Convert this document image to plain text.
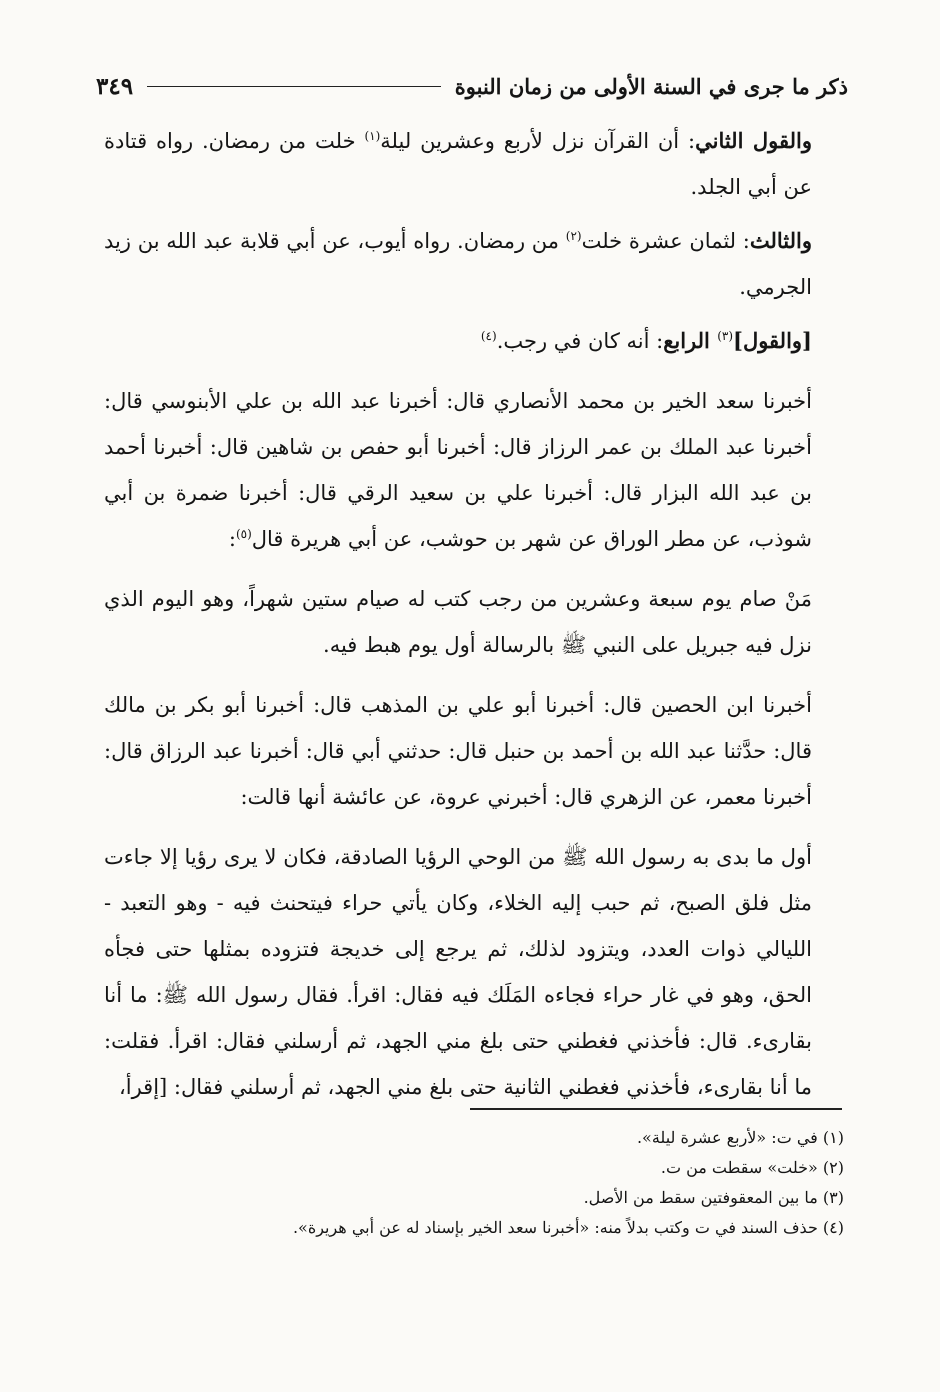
ذكر ما جرى في السنة الأولى من زمان النبوة
٣٤٩

والقول الثاني: أن القرآن نزل لأربع وعشرين ليلة$^{(١)}$ خلت من رمضان. رواه قتادة عن أبي الجلد.

والثالث: لثمان عشرة خلت$^{(٢)}$ من رمضان. رواه أيوب، عن أبي قلابة عبد الله بن زيد الجرمي.

[والقول]$^{(٣)}$ الرابع: أنه كان في رجب.$^{(٤)}$

أخبرنا سعد الخير بن محمد الأنصاري قال: أخبرنا عبد الله بن علي الأبنوسي قال: أخبرنا عبد الملك بن عمر الرزاز قال: أخبرنا أبو حفص بن شاهين قال: أخبرنا أحمد بن عبد الله البزار قال: أخبرنا علي بن سعيد الرقي قال: أخبرنا ضمرة بن أبي شوذب، عن مطر الوراق عن شهر بن حوشب، عن أبي هريرة قال$^{(٥)}$:

مَنْ صام يوم سبعة وعشرين من رجب كتب له صيام ستين شهراً، وهو اليوم الذي نزل فيه جبريل على النبي ﷺ بالرسالة أول يوم هبط فيه.

أخبرنا ابن الحصين قال: أخبرنا أبو علي بن المذهب قال: أخبرنا أبو بكر بن مالك قال: حدَّثنا عبد الله بن أحمد بن حنبل قال: حدثني أبي قال: أخبرنا عبد الرزاق قال: أخبرنا معمر، عن الزهري قال: أخبرني عروة، عن عائشة أنها قالت:

أول ما بدى به رسول الله ﷺ من الوحي الرؤيا الصادقة، فكان لا يرى رؤيا إلا جاءت مثل فلق الصبح، ثم حبب إليه الخلاء، وكان يأتي حراء فيتحنث فيه - وهو التعبد - الليالي ذوات العدد، ويتزود لذلك، ثم يرجع إلى خديجة فتزوده بمثلها حتى فجأه الحق، وهو في غار حراء فجاءه المَلَك فيه فقال: اقرأ. فقال رسول الله ﷺ: ما أنا بقارىء. قال: فأخذني فغطني حتى بلغ مني الجهد، ثم أرسلني فقال: اقرأ. فقلت: ما أنا بقارىء، فأخذني فغطني الثانية حتى بلغ مني الجهد، ثم أرسلني فقال: [إقرأ،

(١) في ت: «لأربع عشرة ليلة».
(٢) «خلت» سقطت من ت.
(٣) ما بين المعقوفتين سقط من الأصل.
(٤) حذف السند في ت وكتب بدلاً منه: «أخبرنا سعد الخير بإسناد له عن أبي هريرة».
